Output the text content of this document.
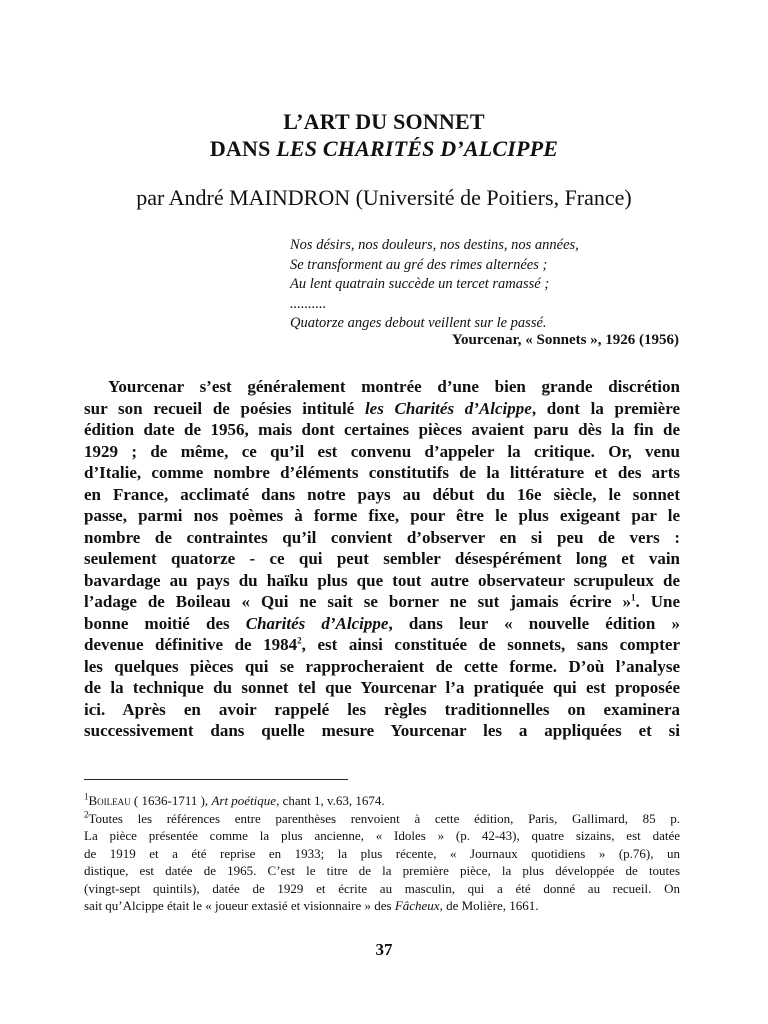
L’ART DU SONNET
DANS LES CHARITÉS D’ALCIPPE
par André MAINDRON (Université de Poitiers, France)
Nos désirs, nos douleurs, nos destins, nos années,
Se transforment au gré des rimes alternées ;
Au lent quatrain succède un tercet ramassé ;
..........
Quatorze anges debout veillent sur le passé.
Yourcenar, « Sonnets », 1926 (1956)
Yourcenar s’est généralement montrée d’une bien grande discrétion
sur son recueil de poésies intitulé les Charités d’Alcippe, dont la première
édition date de 1956, mais dont certaines pièces avaient paru dès la fin de
1929 ; de même, ce qu’il est convenu d’appeler la critique. Or, venu
d’Italie, comme nombre d’éléments constitutifs de la littérature et des arts
en France, acclimaté dans notre pays au début du 16e siècle, le sonnet
passe, parmi nos poèmes à forme fixe, pour être le plus exigeant par le
nombre de contraintes qu’il convient d’observer en si peu de vers :
seulement quatorze - ce qui peut sembler désespérément long et vain
bavardage au pays du haïku plus que tout autre observateur scrupuleux de
l’adage de Boileau « Qui ne sait se borner ne sut jamais écrire »$^1$. Une
bonne moitié des Charités d’Alcippe, dans leur « nouvelle édition »
devenue définitive de 1984$^2$, est ainsi constituée de sonnets, sans compter
les quelques pièces qui se rapprocheraient de cette forme. D’où l’analyse
de la technique du sonnet tel que Yourcenar l’a pratiquée qui est proposée
ici. Après en avoir rappelé les règles traditionnelles on examinera
successivement dans quelle mesure Yourcenar les a appliquées et si
$^1$Boileau ( 1636-1711 ), Art poétique, chant 1, v.63, 1674.
$^2$Toutes les références entre parenthèses renvoient à cette édition, Paris, Gallimard, 85 p.
La pièce présentée comme la plus ancienne, « Idoles » (p. 42-43), quatre sizains, est datée
de 1919 et a été reprise en 1933; la plus récente, « Journaux quotidiens » (p.76), un
distique, est datée de 1965. C’est le titre de la première pièce, la plus développée de toutes
(vingt-sept quintils), datée de 1929 et écrite au masculin, qui a été donné au recueil. On
sait qu’Alcippe était le « joueur extasié et visionnaire » des Fâcheux, de Molière, 1661.
37
